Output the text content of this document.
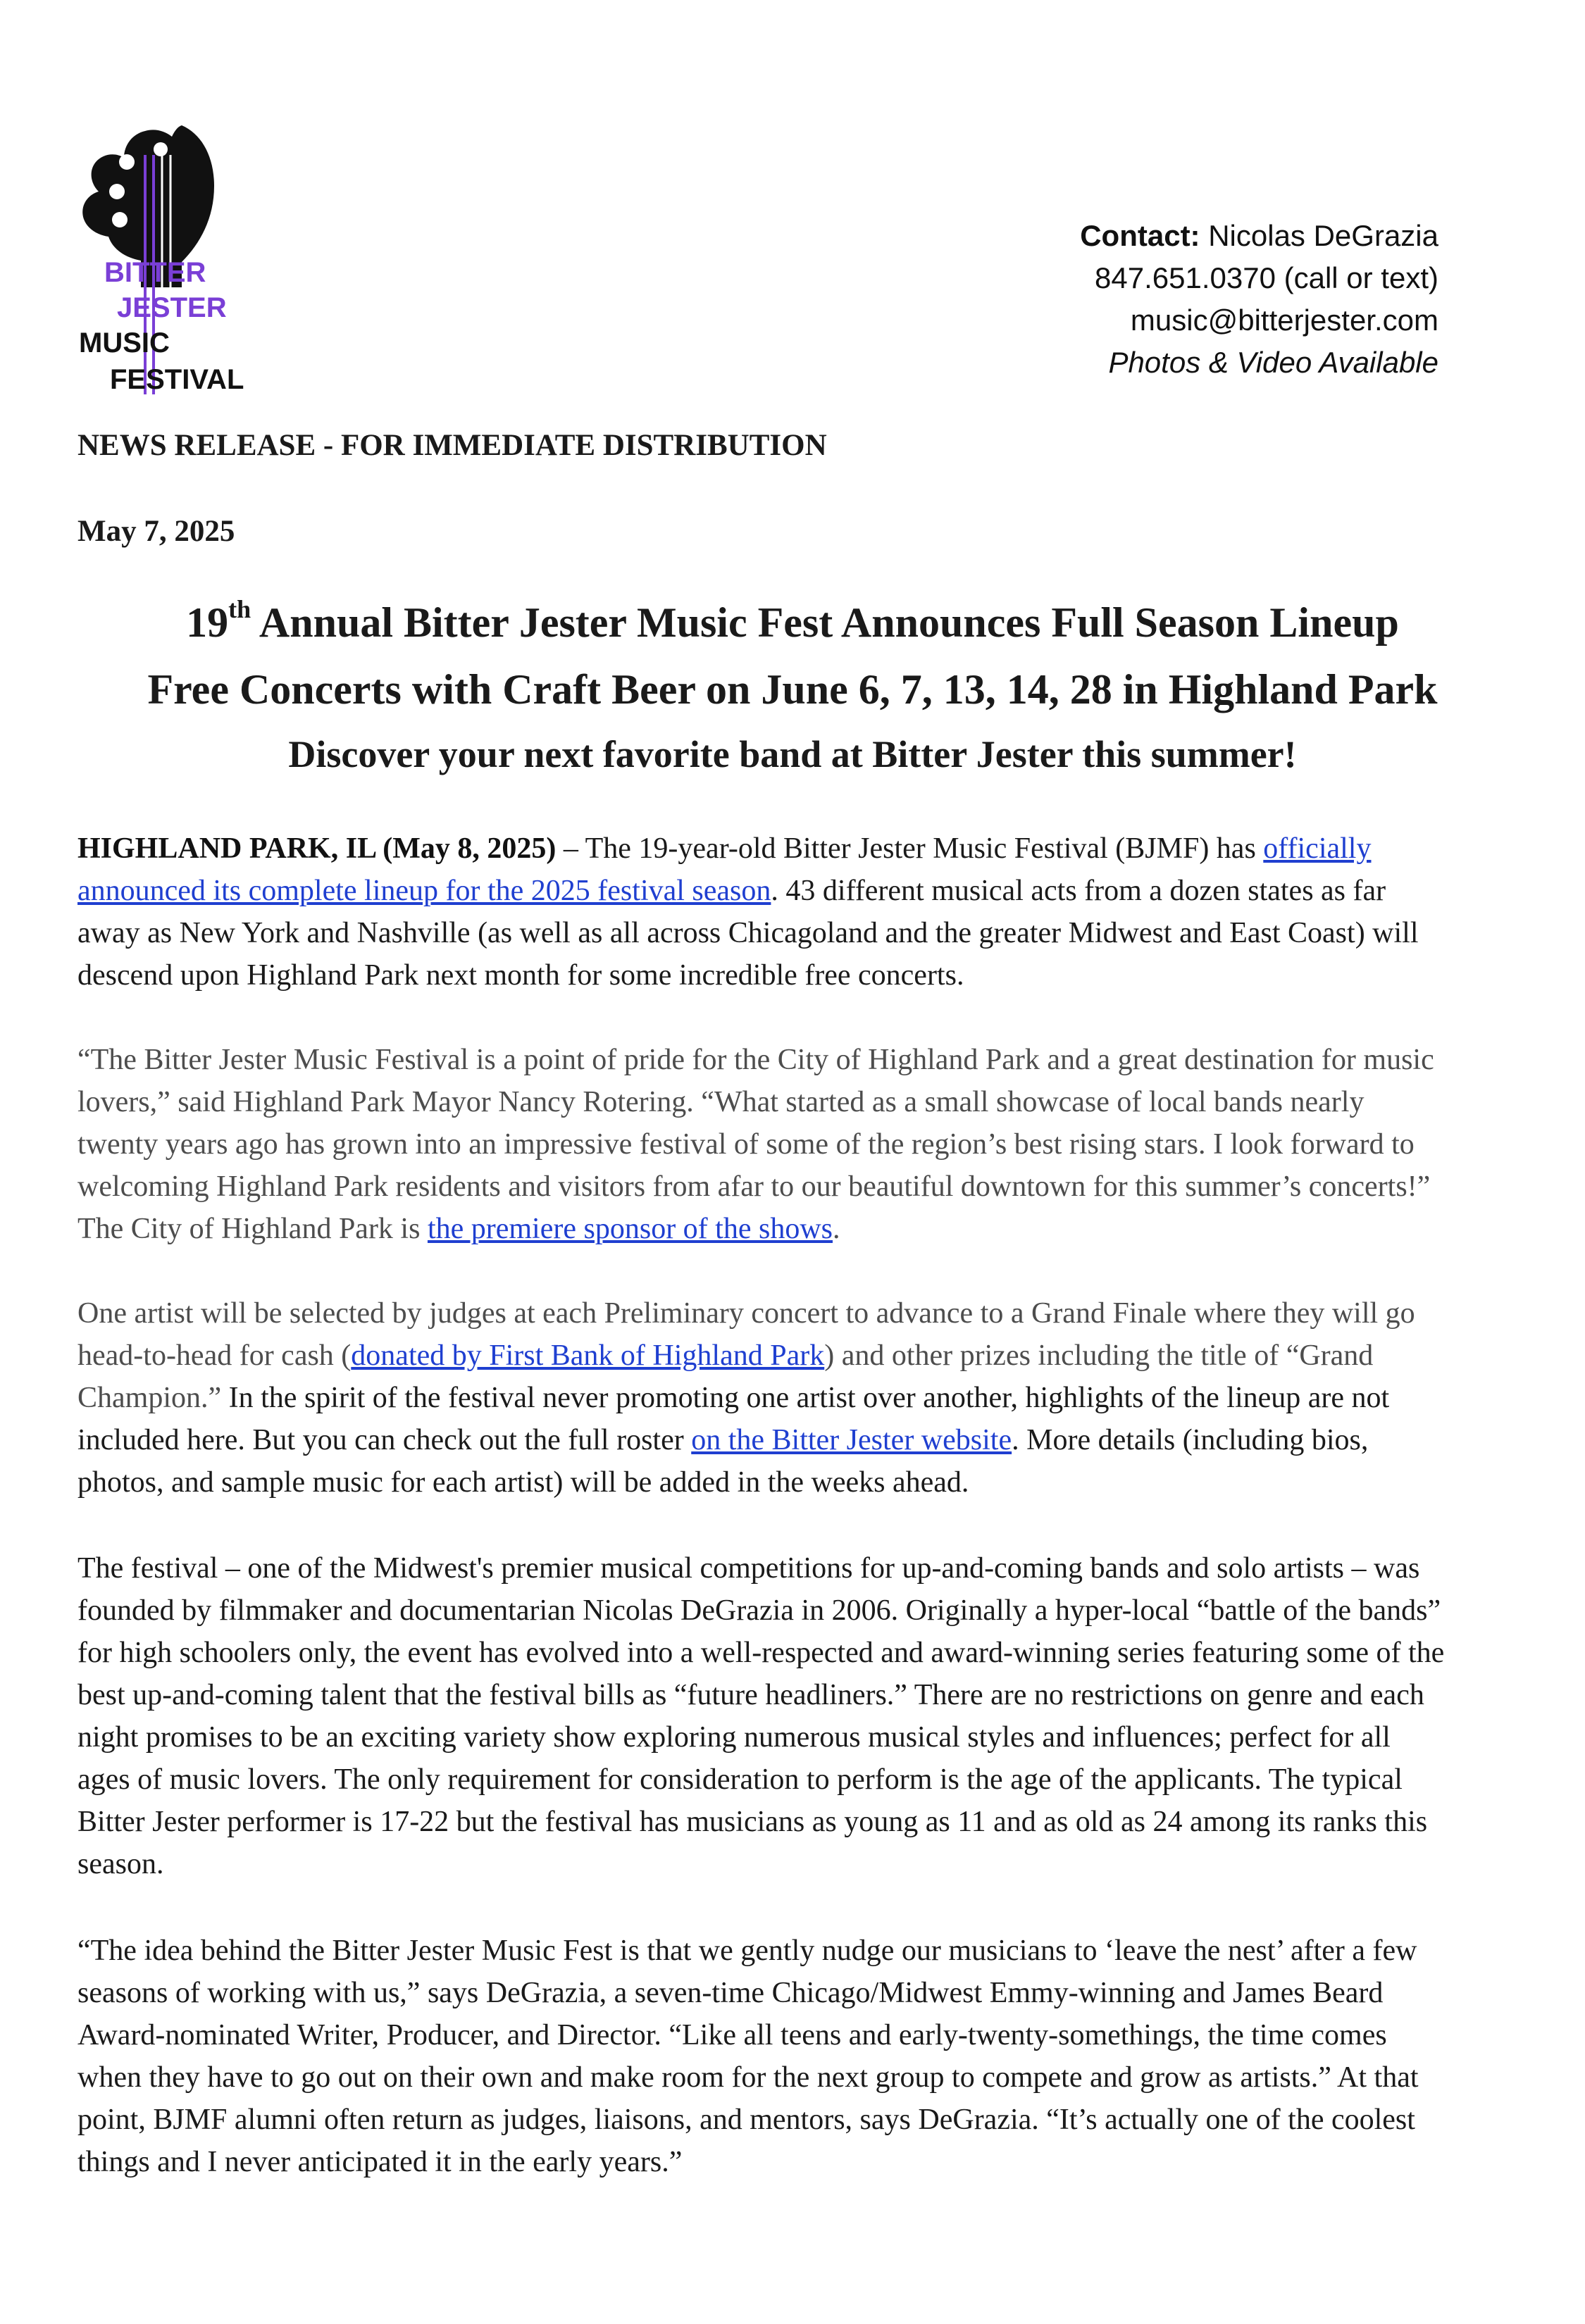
BITTER
JESTER
MUSIC
FESTIVAL
Contact: Nicolas DeGrazia
847.651.0370 (call or text)
music@bitterjester.com
Photos & Video Available
NEWS RELEASE - FOR IMMEDIATE DISTRIBUTION
May 7, 2025
19th Annual Bitter Jester Music Fest Announces Full Season Lineup
Free Concerts with Craft Beer on June 6, 7, 13, 14, 28 in Highland Park
Discover your next favorite band at Bitter Jester this summer!
HIGHLAND PARK, IL (May 8, 2025) – The 19-year-old Bitter Jester Music Festival (BJMF) has officially announced its complete lineup for the 2025 festival season. 43 different musical acts from a dozen states as far away as New York and Nashville (as well as all across Chicagoland and the greater Midwest and East Coast) will descend upon Highland Park next month for some incredible free concerts.
“The Bitter Jester Music Festival is a point of pride for the City of Highland Park and a great destination for music lovers,” said Highland Park Mayor Nancy Rotering. “What started as a small showcase of local bands nearly twenty years ago has grown into an impressive festival of some of the region’s best rising stars. I look forward to welcoming Highland Park residents and visitors from afar to our beautiful downtown for this summer’s concerts!” The City of Highland Park is the premiere sponsor of the shows.
One artist will be selected by judges at each Preliminary concert to advance to a Grand Finale where they will go head-to-head for cash (donated by First Bank of Highland Park) and other prizes including the title of “Grand Champion.” In the spirit of the festival never promoting one artist over another, highlights of the lineup are not included here. But you can check out the full roster on the Bitter Jester website. More details (including bios, photos, and sample music for each artist) will be added in the weeks ahead.
The festival – one of the Midwest's premier musical competitions for up-and-coming bands and solo artists – was founded by filmmaker and documentarian Nicolas DeGrazia in 2006. Originally a hyper-local “battle of the bands” for high schoolers only, the event has evolved into a well-respected and award-winning series featuring some of the best up-and-coming talent that the festival bills as “future headliners.” There are no restrictions on genre and each night promises to be an exciting variety show exploring numerous musical styles and influences; perfect for all ages of music lovers. The only requirement for consideration to perform is the age of the applicants. The typical Bitter Jester performer is 17-22 but the festival has musicians as young as 11 and as old as 24 among its ranks this season.
“The idea behind the Bitter Jester Music Fest is that we gently nudge our musicians to ‘leave the nest’ after a few seasons of working with us,” says DeGrazia, a seven-time Chicago/Midwest Emmy-winning and James Beard Award-nominated Writer, Producer, and Director. “Like all teens and early-twenty-somethings, the time comes when they have to go out on their own and make room for the next group to compete and grow as artists.” At that point, BJMF alumni often return as judges, liaisons, and mentors, says DeGrazia. “It’s actually one of the coolest things and I never anticipated it in the early years.”
